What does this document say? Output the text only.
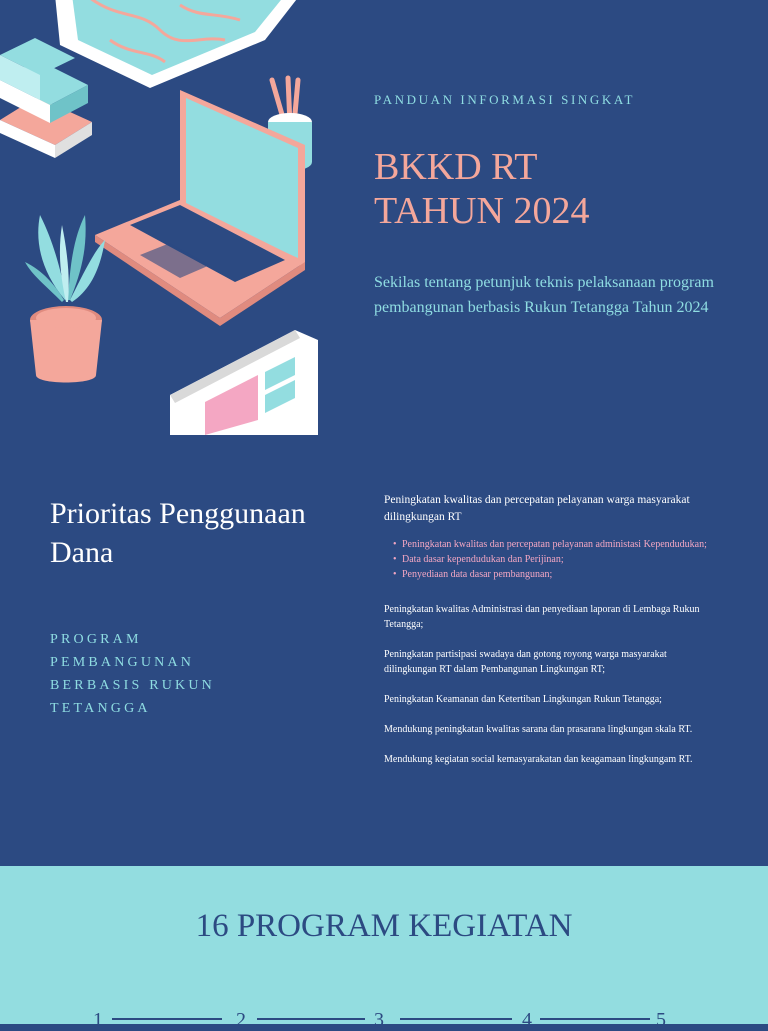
PANDUAN INFORMASI SINGKAT
BKKD RT
TAHUN 2024
Sekilas tentang petunjuk teknis pelaksanaan program pembangunan berbasis Rukun Tetangga Tahun 2024
Prioritas Penggunaan Dana
PROGRAM
PEMBANGUNAN
BERBASIS RUKUN
TETANGGA

Peningkatan kwalitas dan percepatan pelayanan warga masyarakat dilingkungan RT

• Peningkatan kwalitas dan percepatan pelayanan administasi Kependudukan;
• Data dasar kependudukan dan Perijinan;
• Penyediaan data dasar pembangunan;

Peningkatan kwalitas Administrasi dan penyediaan laporan di Lembaga Rukun Tetangga;

Peningkatan partisipasi swadaya dan gotong royong warga masyarakat dilingkungan RT dalam Pembangunan Lingkungan RT;

Peningkatan Keamanan dan Ketertiban Lingkungan Rukun Tetangga;

Mendukung peningkatan kwalitas sarana dan prasarana lingkungan skala RT.

Mendukung kegiatan social kemasyarakatan dan keagamaan lingkungam RT.

16 PROGRAM KEGIATAN
1	2	3	4	5
